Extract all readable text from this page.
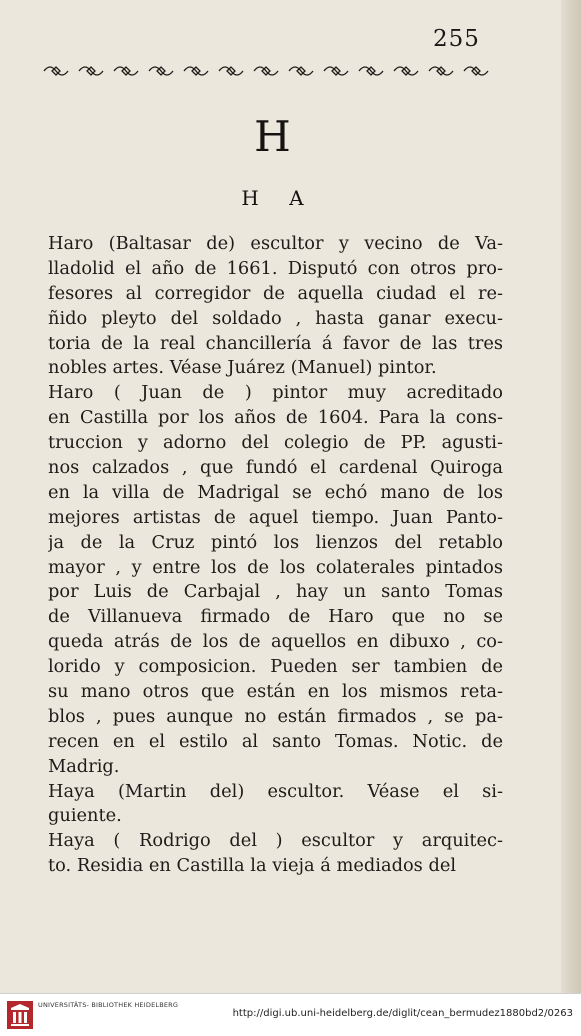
255
H
H A
Haro (Baltasar de) escultor y vecino de Va-
lladolid el año de 1661. Disputó con otros pro-
fesores al corregidor de aquella ciudad el re-
ñido pleyto del soldado , hasta ganar execu-
toria de la real chancillería á favor de las tres
nobles artes. Véase Juárez (Manuel) pintor.
Haro ( Juan de ) pintor muy acreditado
en Castilla por los años de 1604. Para la cons-
truccion y adorno del colegio de PP. agusti-
nos calzados , que fundó el cardenal Quiroga
en la villa de Madrigal se echó mano de los
mejores artistas de aquel tiempo. Juan Panto-
ja de la Cruz pintó los lienzos del retablo
mayor , y entre los de los colaterales pintados
por Luis de Carbajal , hay un santo Tomas
de Villanueva firmado de Haro que no se
queda atrás de los de aquellos en dibuxo , co-
lorido y composicion. Pueden ser tambien de
su mano otros que están en los mismos reta-
blos , pues aunque no están firmados , se pa-
recen en el estilo al santo Tomas. Notic. de
Madrig.
Haya (Martin del) escultor. Véase el si-
guiente.
Haya ( Rodrigo del ) escultor y arquitec-
to. Residia en Castilla la vieja á mediados del
UNIVERSITÄTS- BIBLIOTHEK HEIDELBERG
http://digi.ub.uni-heidelberg.de/diglit/cean_bermudez1880bd2/0263
